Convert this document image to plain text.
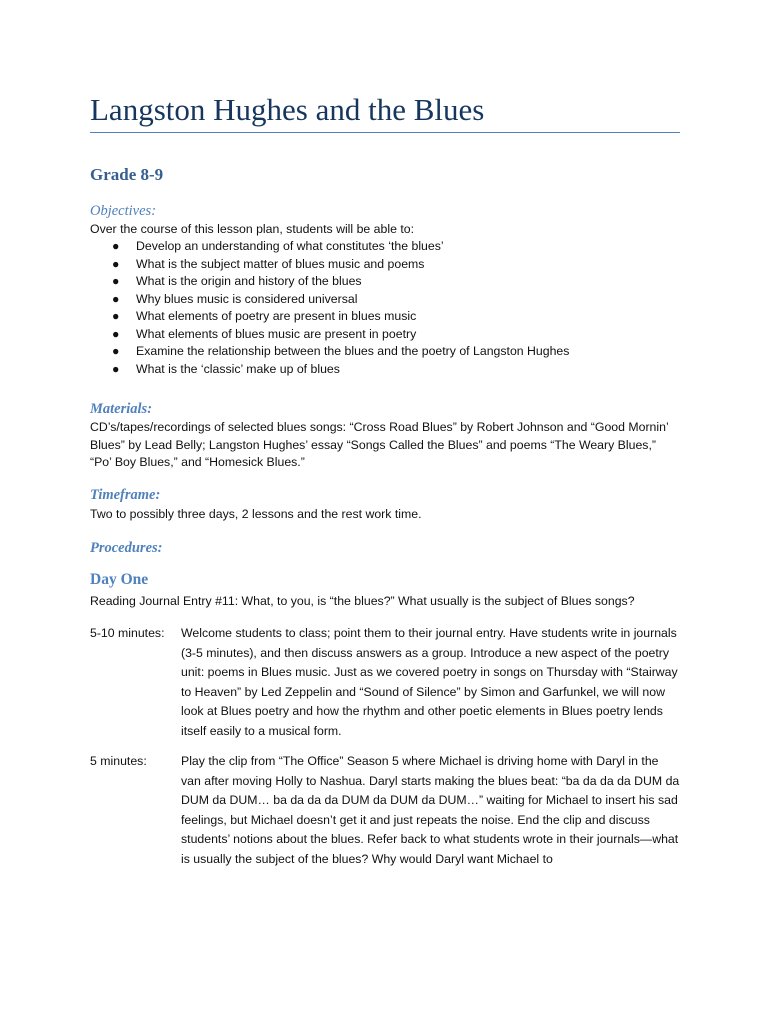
Langston Hughes and the Blues
Grade 8-9
Objectives:

Over the course of this lesson plan, students will be able to:

● Develop an understanding of what constitutes ‘the blues’
● What is the subject matter of blues music and poems
● What is the origin and history of the blues
● Why blues music is considered universal
● What elements of poetry are present in blues music
● What elements of blues music are present in poetry
● Examine the relationship between the blues and the poetry of Langston Hughes
● What is the ‘classic’ make up of blues
Materials:

CD’s/tapes/recordings of selected blues songs: “Cross Road Blues” by Robert Johnson and “Good Mornin’ Blues” by Lead Belly; Langston Hughes’ essay “Songs Called the Blues” and poems “The Weary Blues,” “Po’ Boy Blues,” and “Homesick Blues.”

Timeframe:

Two to possibly three days, 2 lessons and the rest work time.

Procedures:
Day One

Reading Journal Entry #11: What, to you, is “the blues?” What usually is the subject of Blues songs?

5-10 minutes: Welcome students to class; point them to their journal entry. Have students write in journals (3-5 minutes), and then discuss answers as a group. Introduce a new aspect of the poetry unit: poems in Blues music. Just as we covered poetry in songs on Thursday with “Stairway to Heaven” by Led Zeppelin and “Sound of Silence” by Simon and Garfunkel, we will now look at Blues poetry and how the rhythm and other poetic elements in Blues poetry lends itself easily to a musical form.
5 minutes:	Play the clip from “The Office” Season 5 where Michael is driving home with Daryl in the van after moving Holly to Nashua. Daryl starts making the blues beat: “ba da da da DUM da DUM da DUM… ba da da da DUM da DUM da DUM…” waiting for Michael to insert his sad feelings, but Michael doesn’t get it and just repeats the noise. End the clip and discuss students’ notions about the blues. Refer back to what students wrote in their journals—what is usually the subject of the blues? Why would Daryl want Michael to
